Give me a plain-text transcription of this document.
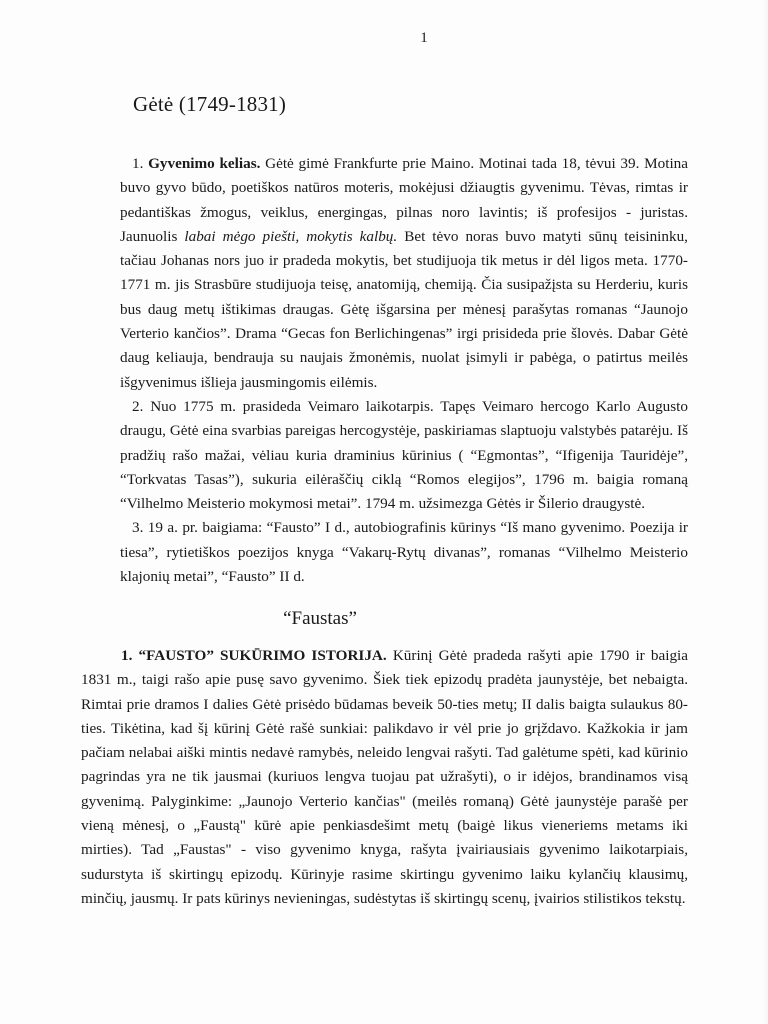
1
Gėtė (1749-1831)

1. Gyvenimo kelias. Gėtė gimė Frankfurte prie Maino. Motinai tada 18, tėvui 39. Motina buvo gyvo būdo, poetiškos natūros moteris, mokėjusi džiaugtis gyvenimu. Tėvas, rimtas ir pedantiškas žmogus, veiklus, energingas, pilnas noro lavintis; iš profesijos - juristas. Jaunuolis labai mėgo piešti, mokytis kalbų. Bet tėvo noras buvo matyti sūnų teisininku, tačiau Johanas nors juo ir pradeda mokytis, bet studijuoja tik metus ir dėl ligos meta. 1770-1771 m. jis Strasbūre studijuoja teisę, anatomiją, chemiją. Čia susipažįsta su Herderiu, kuris bus daug metų ištikimas draugas. Gėtę išgarsina per mėnesį parašytas romanas “Jaunojo Verterio kančios”. Drama “Gecas fon Berlichingenas” irgi prisideda prie šlovės. Dabar Gėtė daug keliauja, bendrauja su naujais žmonėmis, nuolat įsimyli ir pabėga, o patirtus meilės išgyvenimus išlieja jausmingomis eilėmis.

2. Nuo 1775 m. prasideda Veimaro laikotarpis. Tapęs Veimaro hercogo Karlo Augusto draugu, Gėtė eina svarbias pareigas hercogystėje, paskiriamas slaptuoju valstybės patarėju. Iš pradžių rašo mažai, vėliau kuria draminius kūrinius ( “Egmontas”, “Ifigenija Tauridėje”, “Torkvatas Tasas”), sukuria eilėraščių ciklą “Romos elegijos”, 1796 m. baigia romaną “Vilhelmo Meisterio mokymosi metai”. 1794 m. užsimezga Gėtės ir Šilerio draugystė.

3. 19 a. pr. baigiama: “Fausto” I d., autobiografinis kūrinys “Iš mano gyvenimo. Poezija ir tiesa”, rytietiškos poezijos knyga “Vakarų-Rytų divanas”, romanas “Vilhelmo Meisterio klajonių metai”, “Fausto” II d.

“Faustas”

1. “FAUSTO” SUKŪRIMO ISTORIJA. Kūrinį Gėtė pradeda rašyti apie 1790 ir baigia 1831 m., taigi rašo apie pusę savo gyvenimo. Šiek tiek epizodų pradėta jaunystėje, bet nebaigta. Rimtai prie dramos I dalies Gėtė prisėdo būdamas beveik 50-ties metų; II dalis baigta sulaukus 80-ties. Tikėtina, kad šį kūrinį Gėtė rašė sunkiai: palikdavo ir vėl prie jo grįždavo. Kažkokia ir jam pačiam nelabai aiški mintis nedavė ramybės, neleido lengvai rašyti. Tad galėtume spėti, kad kūrinio pagrindas yra ne tik jausmai (kuriuos lengva tuojau pat užrašyti), o ir idėjos, brandinamos visą gyvenimą. Palyginkime: „Jaunojo Verterio kančias" (meilės romaną) Gėtė jaunystėje parašė per vieną mėnesį, o „Faustą" kūrė apie penkiasdešimt metų (baigė likus vieneriems metams iki mirties). Tad „Faustas" - viso gyvenimo knyga, rašyta įvairiausiais gyvenimo laikotarpiais, sudurstyta iš skirtingų epizodų. Kūrinyje rasime skirtingu gyvenimo laiku kylančių klausimų, minčių, jausmų. Ir pats kūrinys nevieningas, sudėstytas iš skirtingų scenų, įvairios stilistikos tekstų.
